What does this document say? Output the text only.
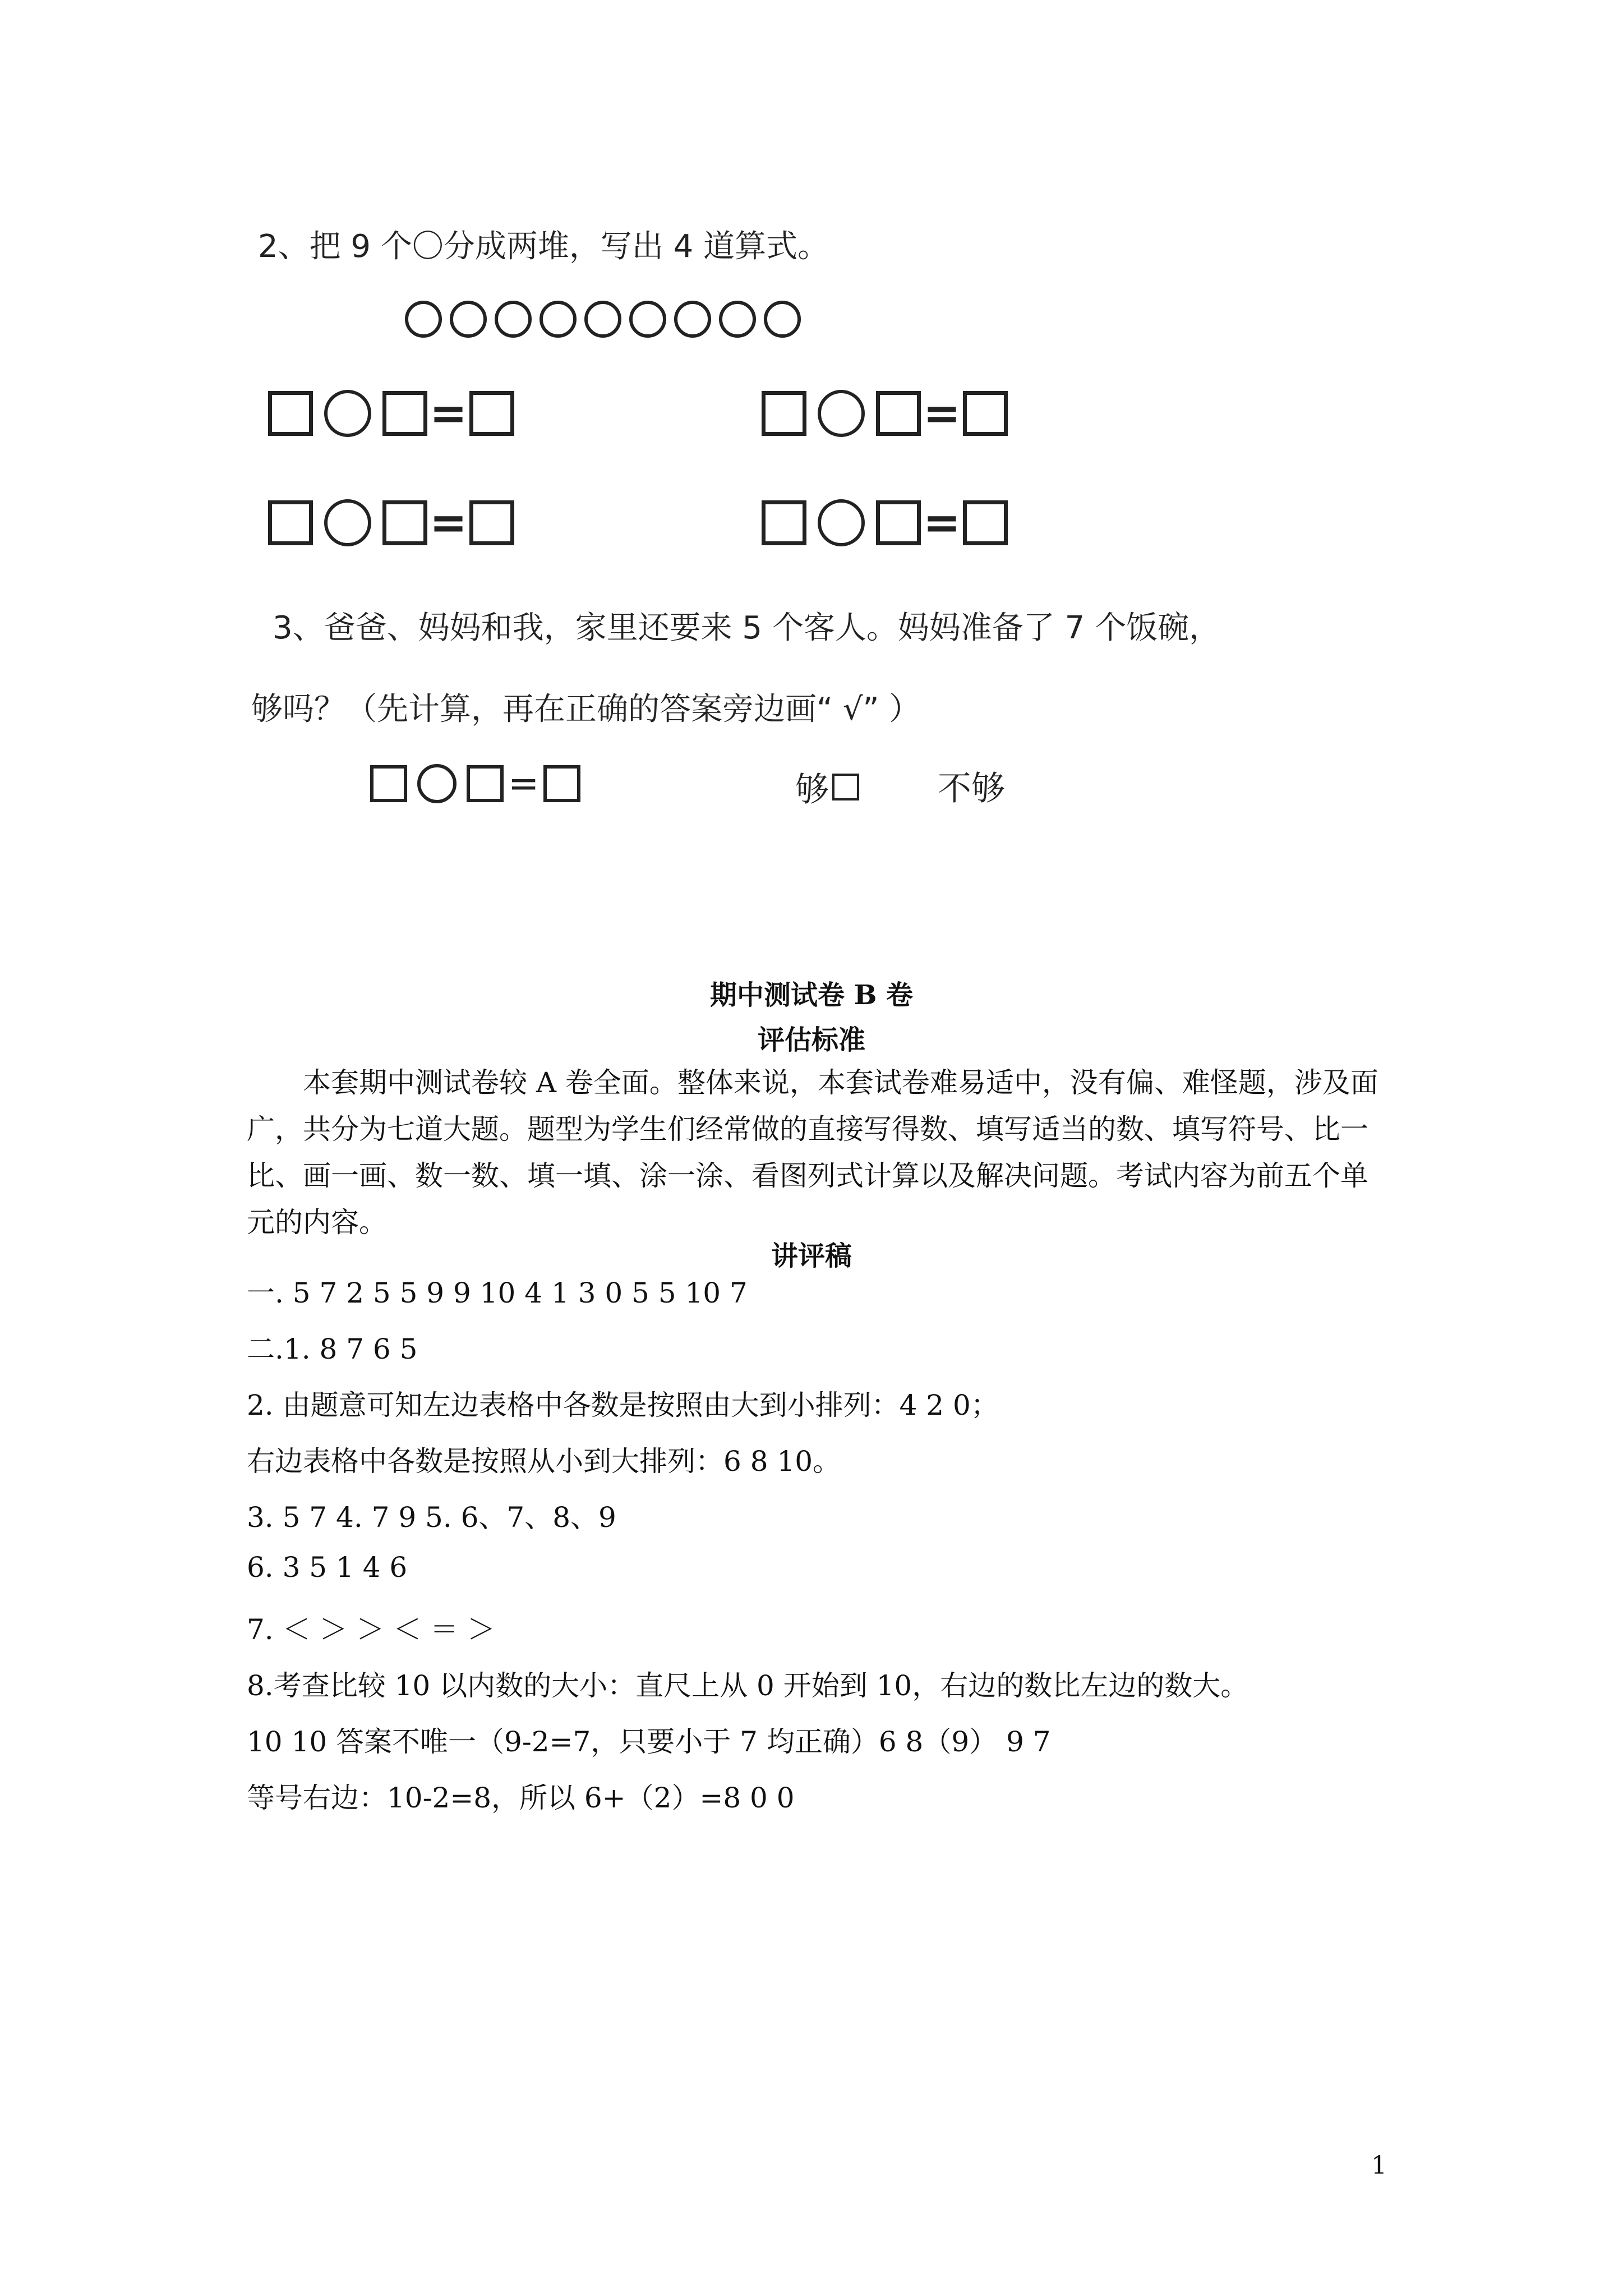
2、把 9 个〇分成两堆，写出 4 道算式。
=	=
=	=
3、爸爸、妈妈和我，家里还要来 5 个客人。妈妈准备了 7 个饭碗，
够吗？（先计算，再在正确的答案旁边画“ √” ）
=	够	不够
期中测试卷 B 卷
评估标准
本套期中测试卷较 A 卷全面。整体来说，本套试卷难易适中，没有偏、难怪题，涉及面
广，共分为七道大题。题型为学生们经常做的直接写得数、填写适当的数、填写符号、比一
比、画一画、数一数、填一填、涂一涂、看图列式计算以及解决问题。考试内容为前五个单
元的内容。
讲评稿
一. 5 7 2 5 5 9 9 10 4 1 3 0 5 5 10 7
二.1. 8 7 6 5
2. 由题意可知左边表格中各数是按照由大到小排列：4 2 0；
右边表格中各数是按照从小到大排列：6 8 10。
3. 5 7 4. 7 9 5. 6、7、8、9
6. 3 5 1 4 6
7. ＜ ＞ ＞ ＜ ＝ ＞
8.考查比较 10 以内数的大小：直尺上从 0 开始到 10，右边的数比左边的数大。
10 10 答案不唯一（9-2=7，只要小于 7 均正确）6 8（9） 9 7
等号右边：10-2=8，所以 6+（2）=8 0 0
1
